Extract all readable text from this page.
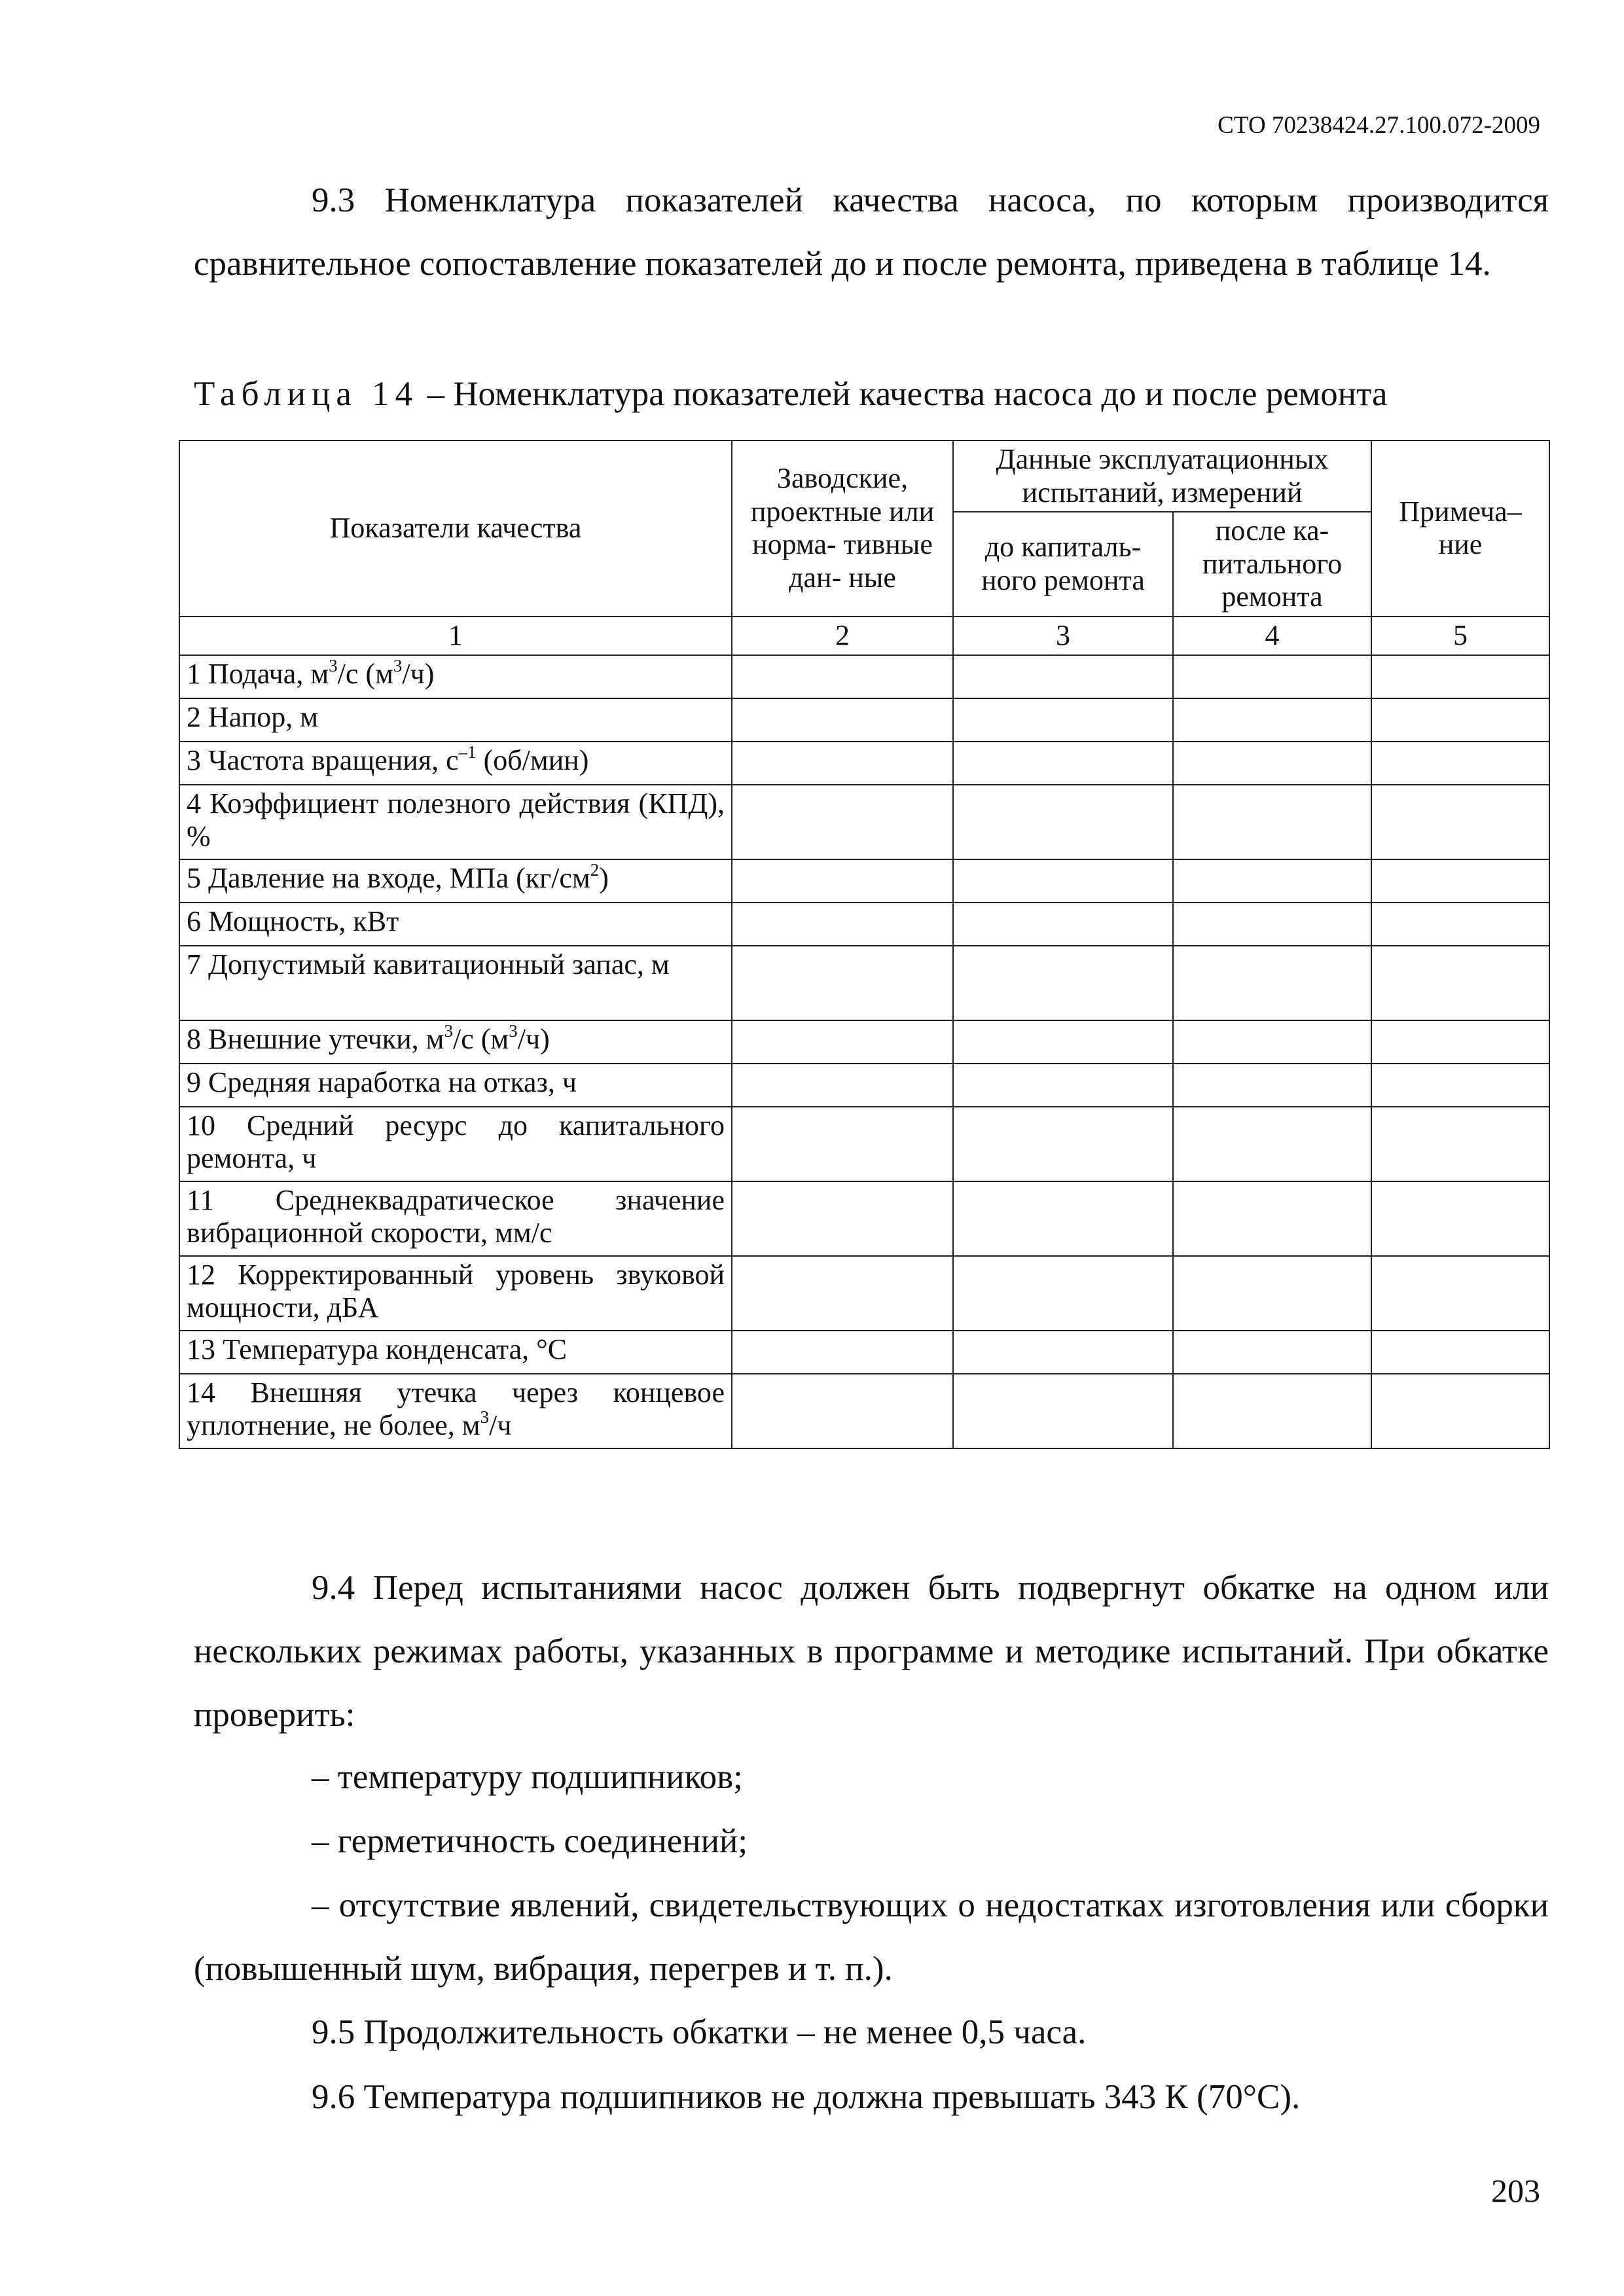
СТО 70238424.27.100.072-2009

9.3 Номенклатура показателей качества насоса, по которым производится сравнительное сопоставление показателей до и после ремонта, приведена в таблице 14.

Таблица 14 – Номенклатура показателей качества насоса до и после ремонта
Показатели качества	Заводские, проектные или норма- тивные дан- ные	Данные эксплуатационных испытаний, измерений		Примеча– ние
		до капиталь- ного ремонта	после ка- питального ремонта	
1	2	3	4	5
1 Подача, $м^3/с$ $(м^3/ч)$				
2 Напор, м				
3 Частота вращения, $с^{-1}$ (об/мин)				
4 Коэффициент полезного действия (КПД), %				
5 Давление на входе, МПа $(кг/см^2)$				
6 Мощность, кВт				
7 Допустимый кавитационный запас, м				
8 Внешние утечки, $м^3/с$ $(м^3/ч)$				
9 Средняя наработка на отказ, ч				
10 Средний ресурс до капитального ремонта, ч				
11 Среднеквадратическое значение вибрационной скорости, мм/с				
12 Корректированный уровень звуковой мощности, дБА				
13 Температура конденсата, °С				
14 Внешняя утечка через концевое уплотнение, не более, $м^3/ч$				

9.4 Перед испытаниями насос должен быть подвергнут обкатке на одном или нескольких режимах работы, указанных в программе и методике испытаний. При обкатке проверить:

– температуру подшипников;

– герметичность соединений;

– отсутствие явлений, свидетельствующих о недостатках изготовления или сборки (повышенный шум, вибрация, перегрев и т. п.).

9.5 Продолжительность обкатки – не менее 0,5 часа.

9.6 Температура подшипников не должна превышать 343 К (70°С).

203
